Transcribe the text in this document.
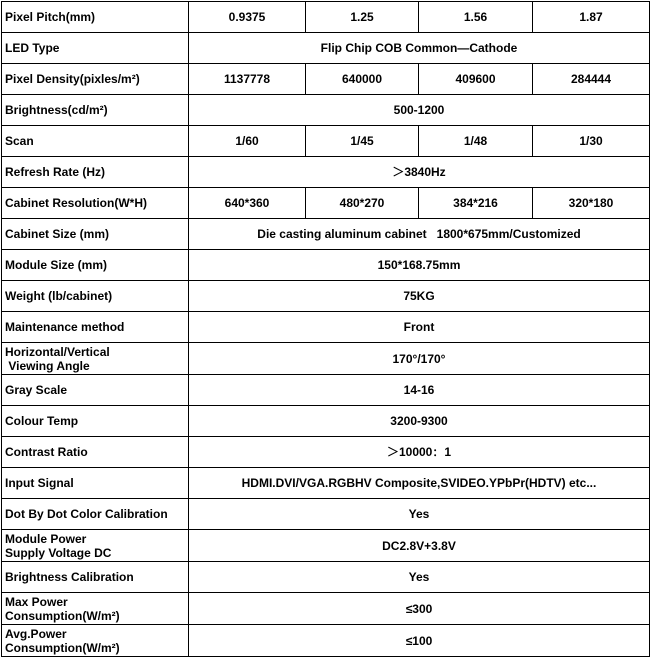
Pixel Pitch(mm)	0.9375	1.25	1.56	1.87
LED Type	Flip Chip COB Common—Cathode			
Pixel Density(pixles/m²)	1137778	640000	409600	284444
Brightness(cd/m²)	500-1200			
Scan	1/60	1/45	1/48	1/30
Refresh Rate (Hz)	＞3840Hz			
Cabinet Resolution(W*H)	640*360	480*270	384*216	320*180
Cabinet Size (mm)	Die casting aluminum cabinet   1800*675mm/Customized			
Module Size (mm)	150*168.75mm			
Weight (lb/cabinet)	75KG			
Maintenance method	Front			
Horizontal/Vertical
Viewing Angle	170°/170°			
Gray Scale	14-16			
Colour Temp	3200-9300			
Contrast Ratio	＞10000：1			
Input Signal	HDMI.DVI/VGA.RGBHV Composite,SVIDEO.YPbPr(HDTV) etc...			
Dot By Dot Color Calibration	Yes			
Module Power
Supply Voltage DC	DC2.8V+3.8V			
Brightness Calibration	Yes			
Max Power
Consumption(W/m²)	≤300			
Avg.Power
Consumption(W/m²)	≤100			
